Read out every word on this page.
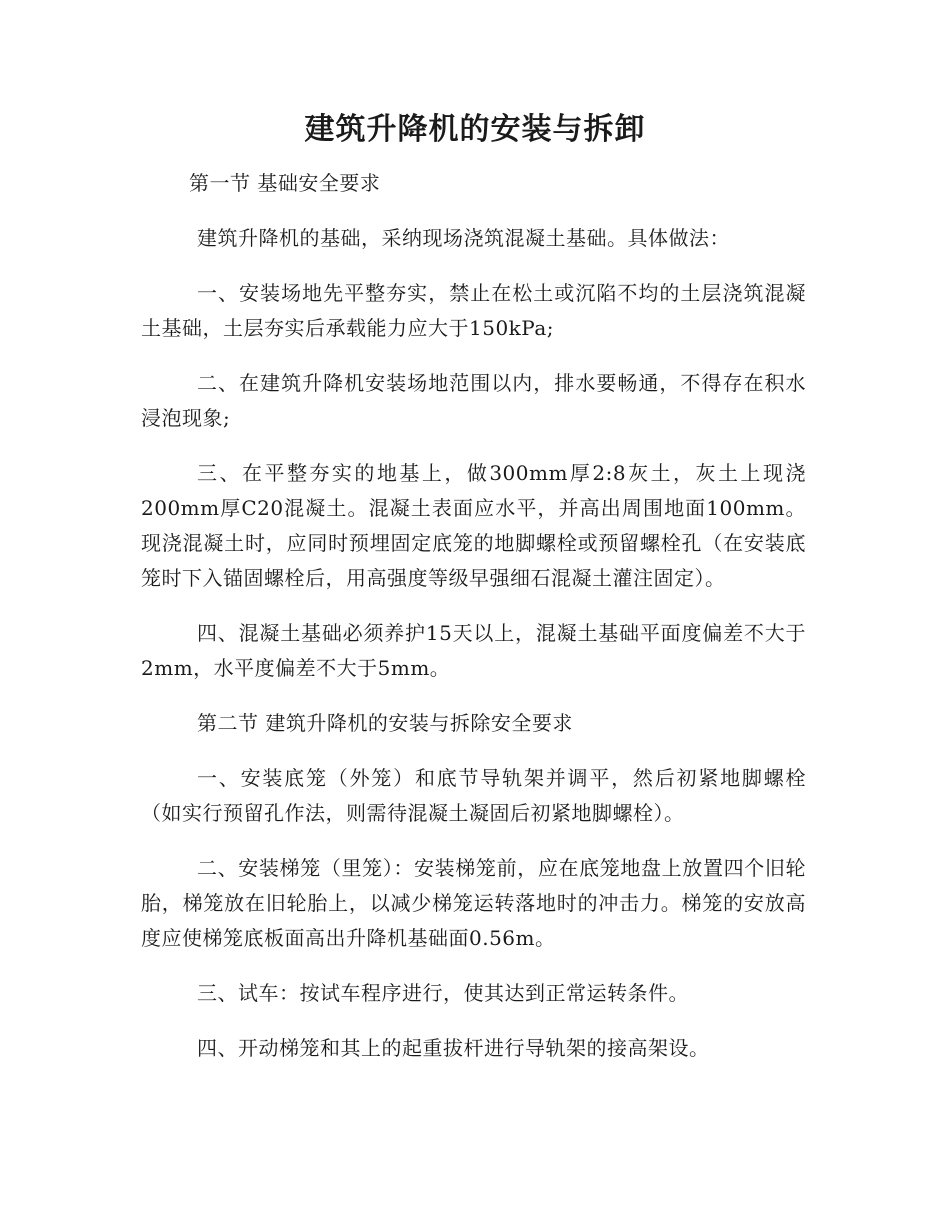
建筑升降机的安装与拆卸

第一节 基础安全要求

建筑升降机的基础，采纳现场浇筑混凝土基础。具体做法：

一、安装场地先平整夯实，禁止在松土或沉陷不均的土层浇筑混凝土基础，土层夯实后承载能力应大于150kPa;

二、在建筑升降机安装场地范围以内，排水要畅通，不得存在积水浸泡现象;

三、在平整夯实的地基上，做300mm厚2:8灰土，灰土上现浇200mm厚C20混凝土。混凝土表面应水平，并高出周围地面100mm。现浇混凝土时，应同时预埋固定底笼的地脚螺栓或预留螺栓孔（在安装底笼时下入锚固螺栓后，用高强度等级早强细石混凝土灌注固定）。

四、混凝土基础必须养护15天以上，混凝土基础平面度偏差不大于2mm，水平度偏差不大于5mm。

第二节 建筑升降机的安装与拆除安全要求

一、安装底笼（外笼）和底节导轨架并调平，然后初紧地脚螺栓（如实行预留孔作法，则需待混凝土凝固后初紧地脚螺栓）。

二、安装梯笼（里笼）：安装梯笼前，应在底笼地盘上放置四个旧轮胎，梯笼放在旧轮胎上，以减少梯笼运转落地时的冲击力。梯笼的安放高度应使梯笼底板面高出升降机基础面0.56m。

三、试车：按试车程序进行，使其达到正常运转条件。

四、开动梯笼和其上的起重拔杆进行导轨架的接高架设。
